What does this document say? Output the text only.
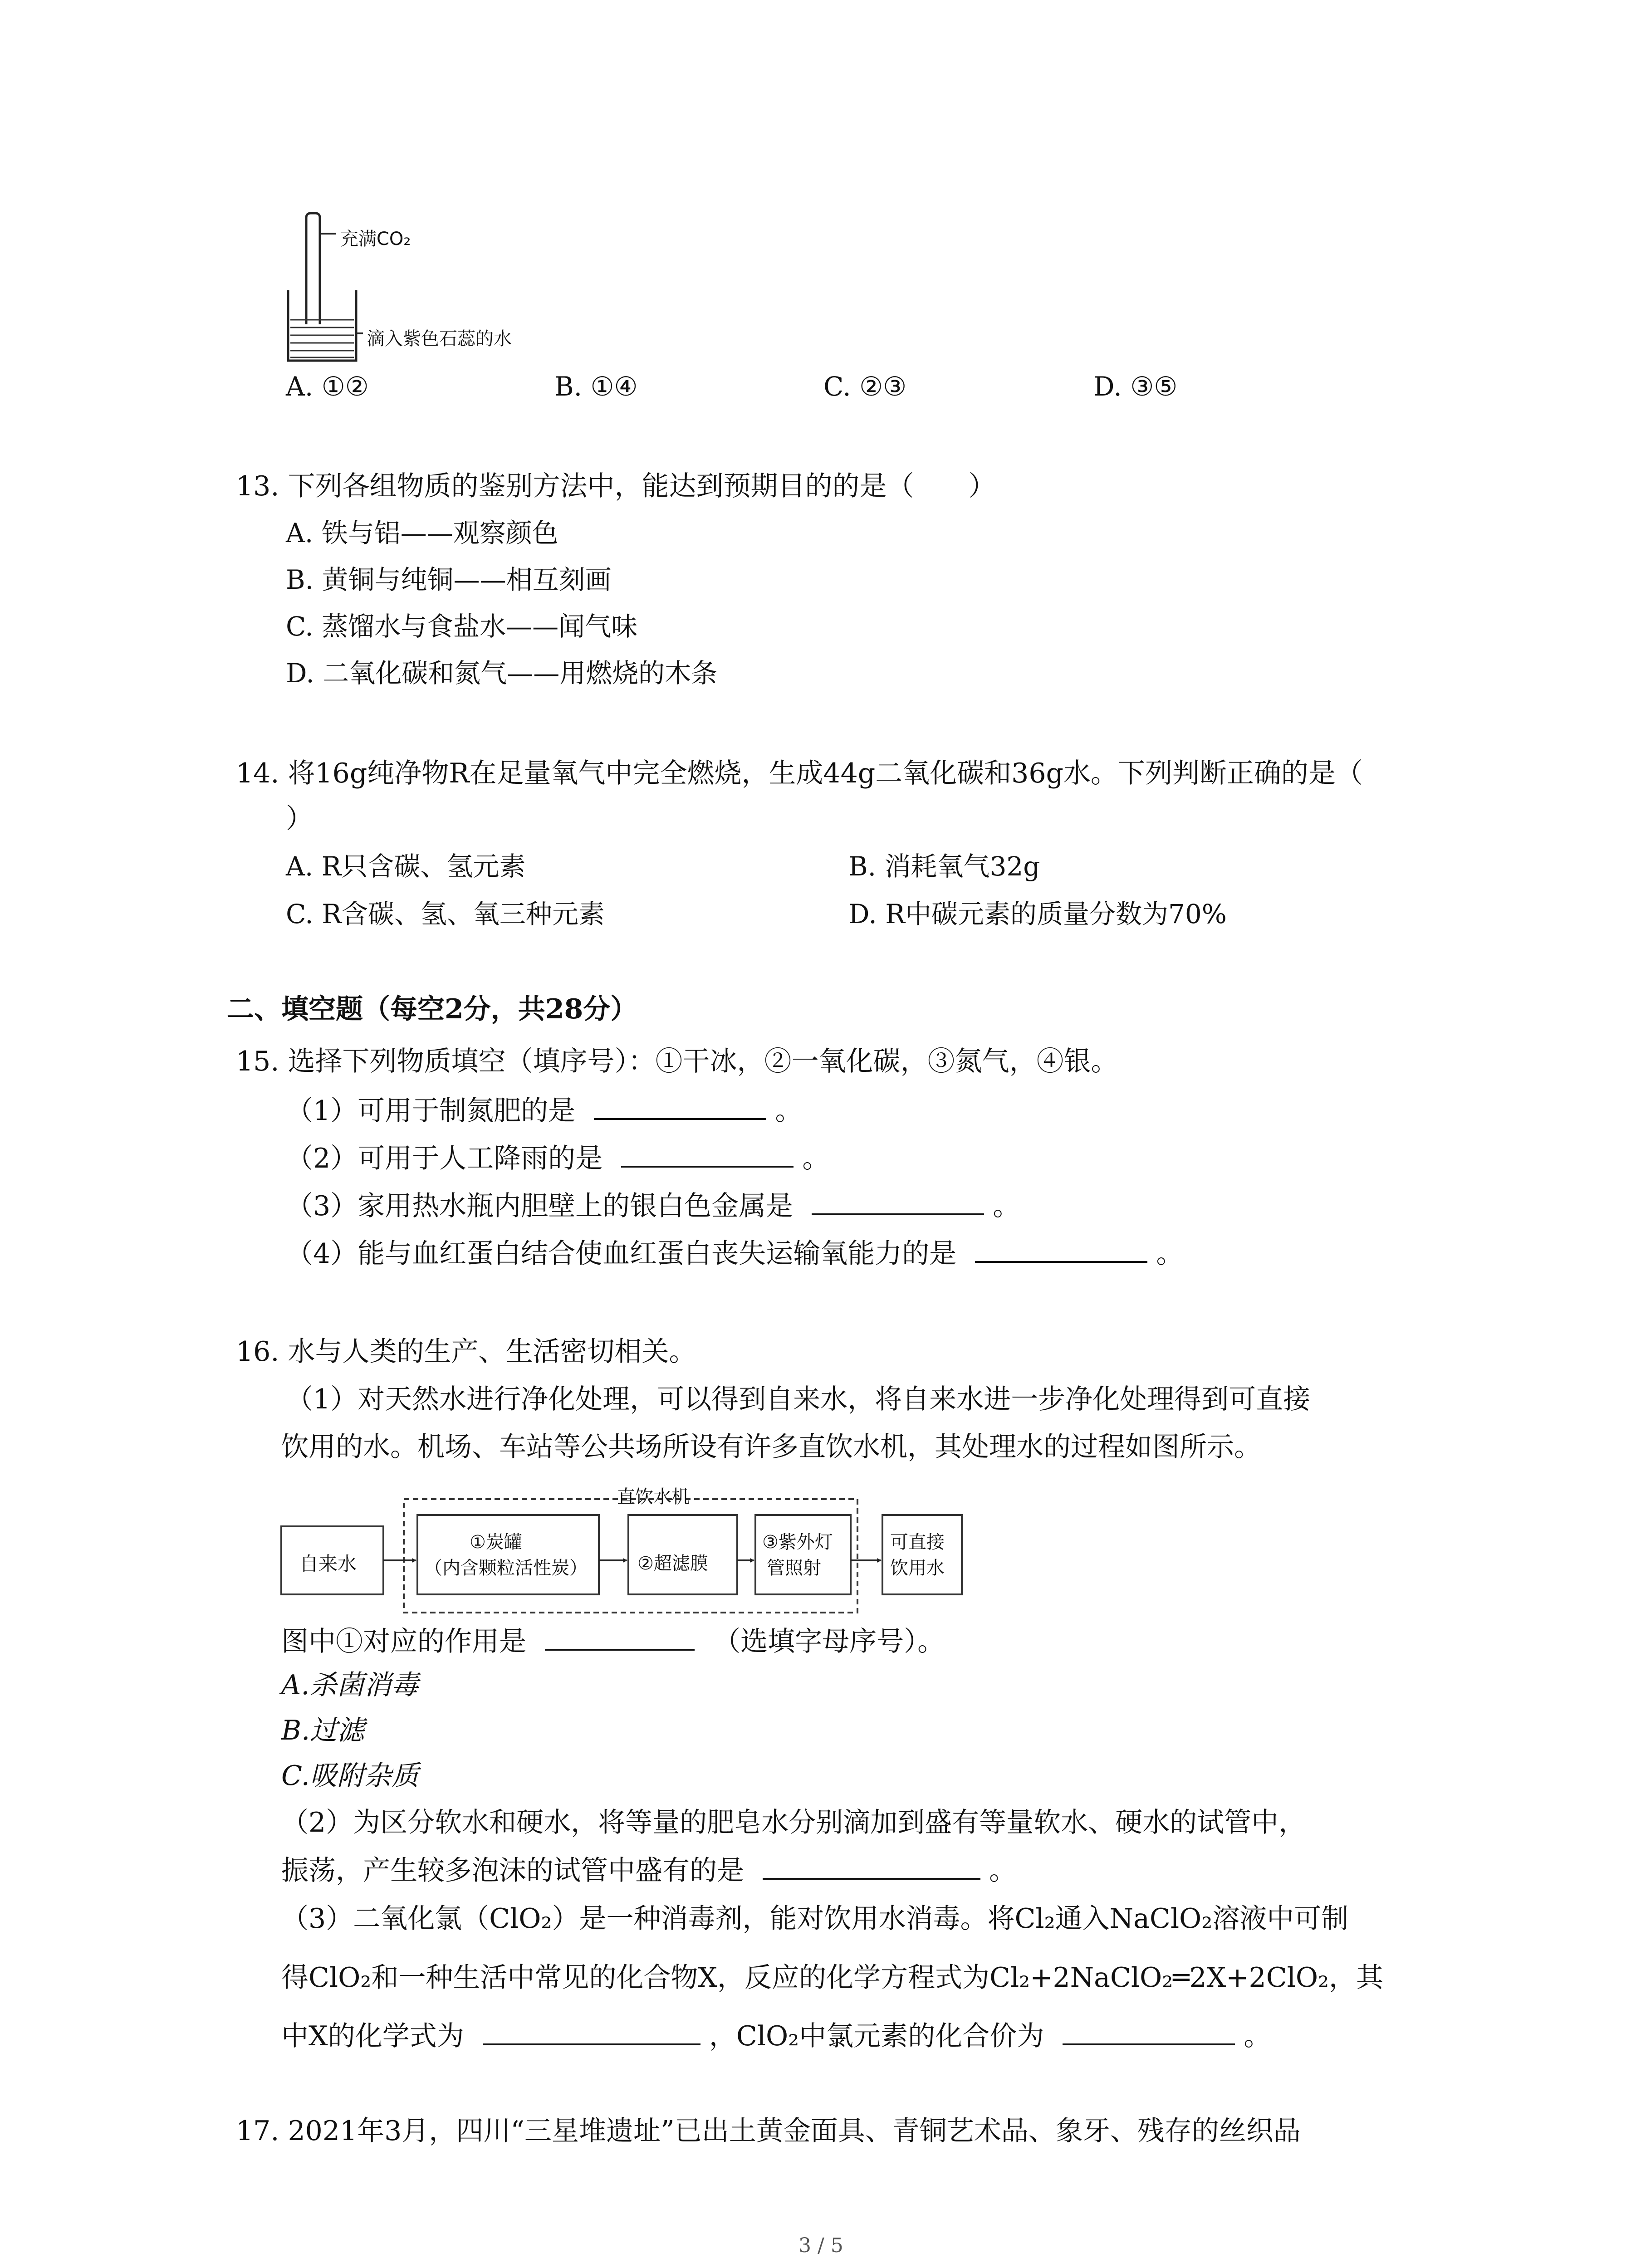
充满CO₂
滴入紫色石蕊的水
A. ①②	B. ①④	C. ②③	D. ③⑤
13. 下列各组物质的鉴别方法中，能达到预期目的的是（　　）
A. 铁与铝——观察颜色
B. 黄铜与纯铜——相互刻画
C. 蒸馏水与食盐水——闻气味
D. 二氧化碳和氮气——用燃烧的木条
14. 将16g纯净物R在足量氧气中完全燃烧，生成44g二氧化碳和36g水。下列判断正确的是（
）
A. R只含碳、氢元素	B. 消耗氧气32g
C. R含碳、氢、氧三种元素	D. R中碳元素的质量分数为70%
二、填空题（每空2分，共28分）
15. 选择下列物质填空（填序号）：①干冰，②一氧化碳，③氮气，④银。
（1）可用于制氮肥的是	。
（2）可用于人工降雨的是	。
（3）家用热水瓶内胆壁上的银白色金属是	。
（4）能与血红蛋白结合使血红蛋白丧失运输氧能力的是	。
16. 水与人类的生产、生活密切相关。
（1）对天然水进行净化处理，可以得到自来水，将自来水进一步净化处理得到可直接
饮用的水。机场、车站等公共场所设有许多直饮水机，其处理水的过程如图所示。
直饮水机
自来水
①炭罐
（内含颗粒活性炭）	②超滤膜
③紫外灯
管照射
可直接
饮用水
图中①对应的作用是	（选填字母序号）。
A.杀菌消毒
B.过滤
C.吸附杂质
（2）为区分软水和硬水，将等量的肥皂水分别滴加到盛有等量软水、硬水的试管中，
振荡，产生较多泡沫的试管中盛有的是	。
（3）二氧化氯（ClO₂）是一种消毒剂，能对饮用水消毒。将Cl₂通入NaClO₂溶液中可制
得ClO₂和一种生活中常见的化合物X，反应的化学方程式为Cl₂+2NaClO₂═2X+2ClO₂，其
中X的化学式为	，ClO₂中氯元素的化合价为	。
17. 2021年3月，四川“三星堆遗址”已出土黄金面具、青铜艺术品、象牙、残存的丝织品
3 / 5
